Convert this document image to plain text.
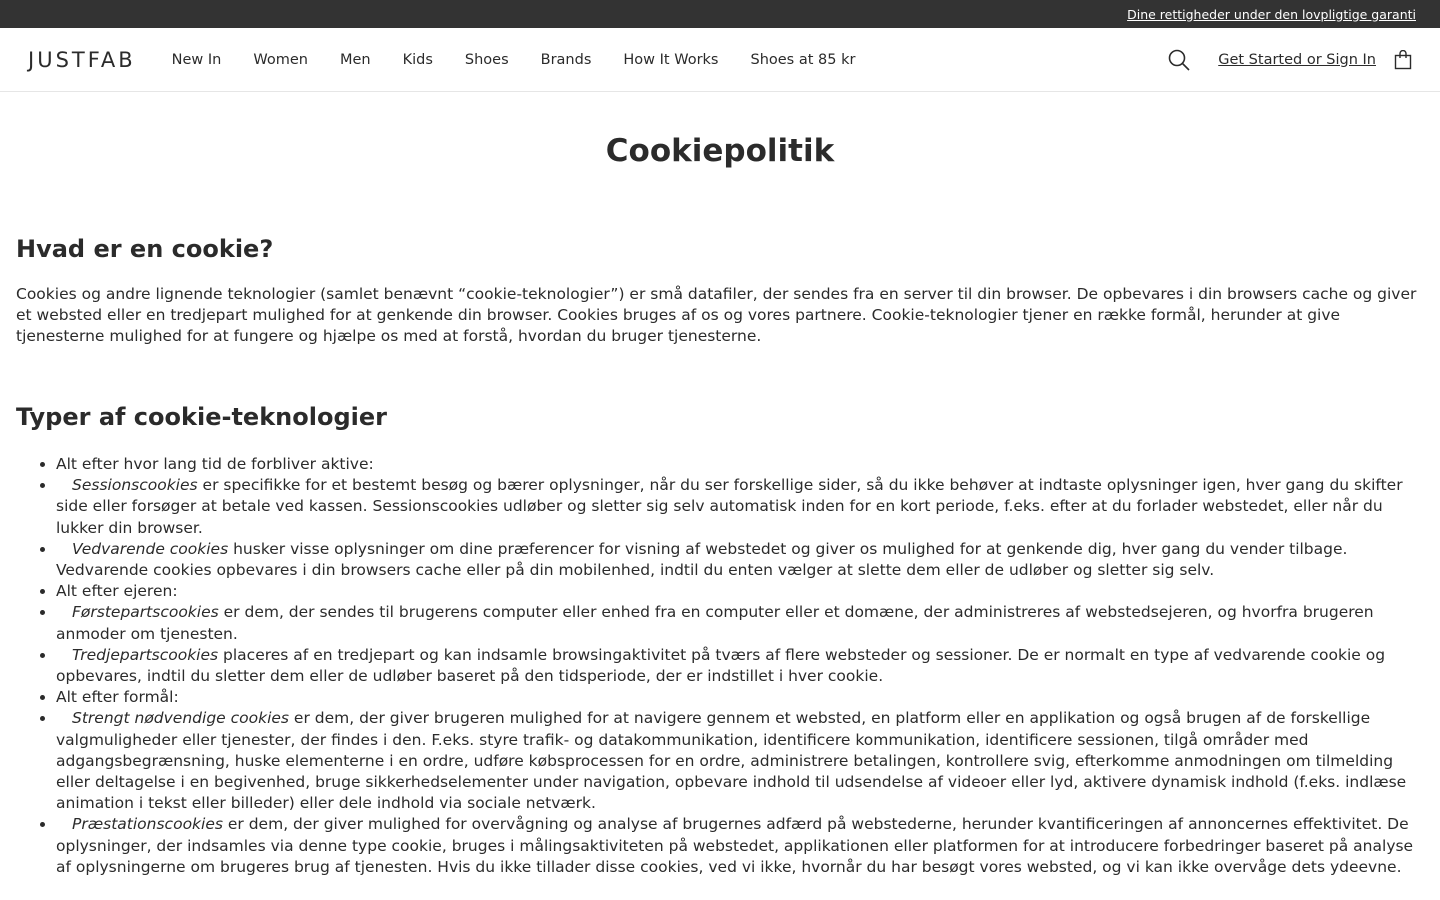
Dine rettigheder under den lovpligtige garanti
JUSTFAB New In Women Men Kids Shoes Brands How It Works Shoes at 85 kr	Get Started or Sign In
Cookiepolitik
Hvad er en cookie?

Cookies og andre lignende teknologier (samlet benævnt “cookie-teknologier”) er små datafiler, der sendes fra en server til din browser. De opbevares i din browsers cache og giver et websted eller en tredjepart mulighed for at genkende din browser. Cookies bruges af os og vores partnere. Cookie-teknologier tjener en række formål, herunder at give tjenesterne mulighed for at fungere og hjælpe os med at forstå, hvordan du bruger tjenesterne.

Typer af cookie-teknologier
• Alt efter hvor lang tid de forbliver aktive:
• Sessionscookies er specifikke for et bestemt besøg og bærer oplysninger, når du ser forskellige sider, så du ikke behøver at indtaste oplysninger igen, hver gang du skifter side eller forsøger at betale ved kassen. Sessionscookies udløber og sletter sig selv automatisk inden for en kort periode, f.eks. efter at du forlader webstedet, eller når du lukker din browser.
• Vedvarende cookies husker visse oplysninger om dine præferencer for visning af webstedet og giver os mulighed for at genkende dig, hver gang du vender tilbage. Vedvarende cookies opbevares i din browsers cache eller på din mobilenhed, indtil du enten vælger at slette dem eller de udløber og sletter sig selv.
• Alt efter ejeren:
• Førstepartscookies er dem, der sendes til brugerens computer eller enhed fra en computer eller et domæne, der administreres af webstedsejeren, og hvorfra brugeren anmoder om tjenesten.
• Tredjepartscookies placeres af en tredjepart og kan indsamle browsingaktivitet på tværs af flere websteder og sessioner. De er normalt en type af vedvarende cookie og opbevares, indtil du sletter dem eller de udløber baseret på den tidsperiode, der er indstillet i hver cookie.
• Alt efter formål:
• Strengt nødvendige cookies er dem, der giver brugeren mulighed for at navigere gennem et websted, en platform eller en applikation og også brugen af de forskellige valgmuligheder eller tjenester, der findes i den. F.eks. styre trafik- og datakommunikation, identificere kommunikation, identificere sessionen, tilgå områder med adgangsbegrænsning, huske elementerne i en ordre, udføre købsprocessen for en ordre, administrere betalingen, kontrollere svig, efterkomme anmodningen om tilmelding eller deltagelse i en begivenhed, bruge sikkerhedselementer under navigation, opbevare indhold til udsendelse af videoer eller lyd, aktivere dynamisk indhold (f.eks. indlæse animation i tekst eller billeder) eller dele indhold via sociale netværk.
• Præstationscookies er dem, der giver mulighed for overvågning og analyse af brugernes adfærd på webstederne, herunder kvantificeringen af annoncernes effektivitet. De oplysninger, der indsamles via denne type cookie, bruges i målingsaktiviteten på webstedet, applikationen eller platformen for at introducere forbedringer baseret på analyse af oplysningerne om brugeres brug af tjenesten. Hvis du ikke tillader disse cookies, ved vi ikke, hvornår du har besøgt vores websted, og vi kan ikke overvåge dets ydeevne.
